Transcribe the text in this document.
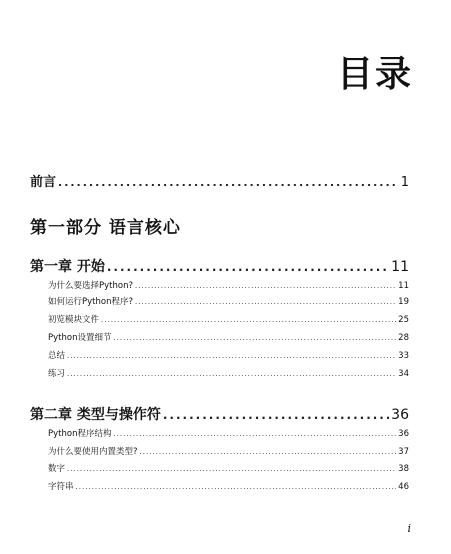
目录
前言 .....	1
第一部分 语言核心
第一章 开始 .....	11
为什么要选择Python? .....	11
如何运行Python程序? .....	19
初览模块文件 .....	25
Python设置细节 .....	28
总结 .....	33
练习 .....	34
第二章 类型与操作符 .....	36
Python程序结构 .....	36
为什么要使用内置类型? .....	37
数字 .....	38
字符串 .....	46
i
